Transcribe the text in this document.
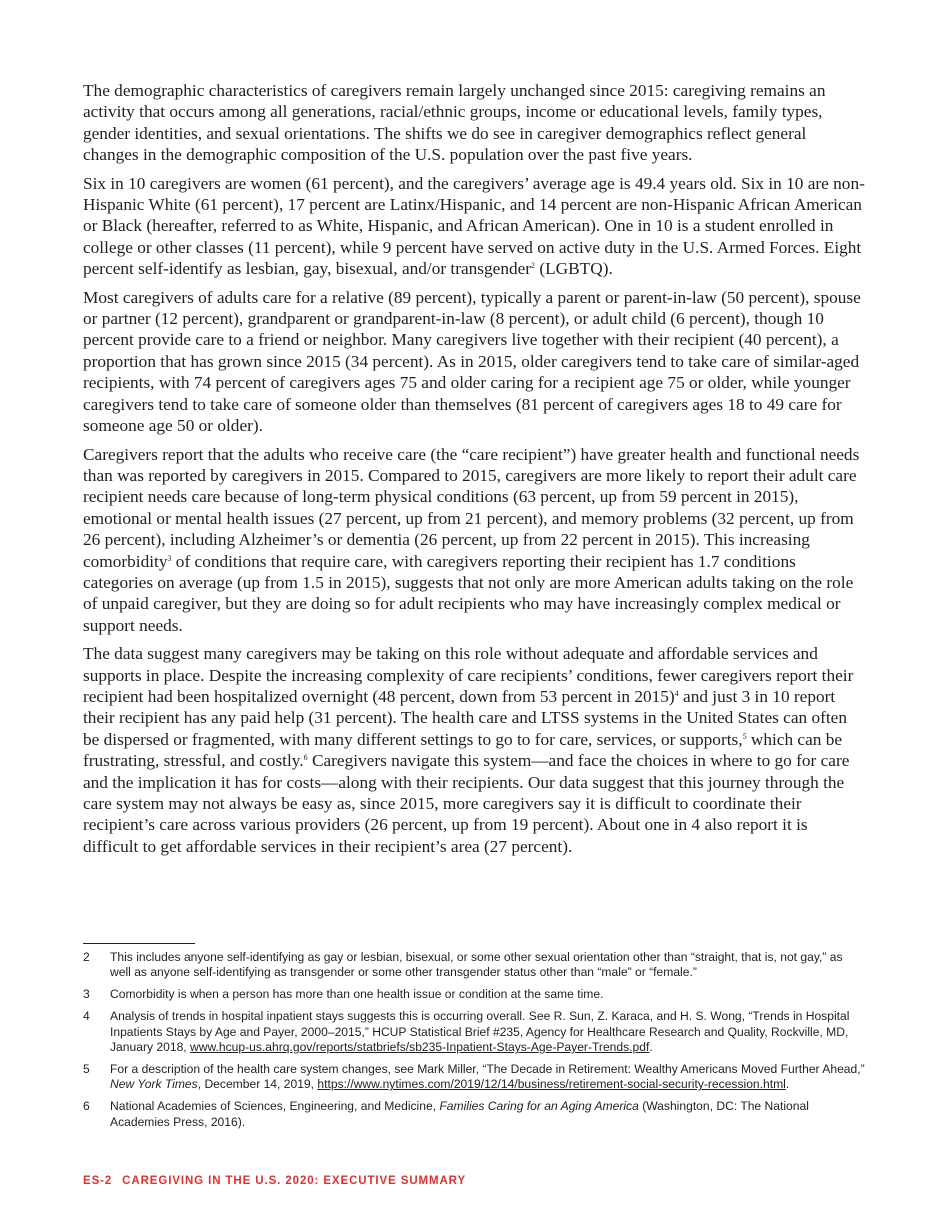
The demographic characteristics of caregivers remain largely unchanged since 2015: caregiving remains an activity that occurs among all generations, racial/ethnic groups, income or educational levels, family types, gender identities, and sexual orientations. The shifts we do see in caregiver demographics reflect general changes in the demographic composition of the U.S. population over the past five years.

Six in 10 caregivers are women (61 percent), and the caregivers’ average age is 49.4 years old. Six in 10 are non-Hispanic White (61 percent), 17 percent are Latinx/Hispanic, and 14 percent are non-Hispanic African American or Black (hereafter, referred to as White, Hispanic, and African American). One in 10 is a student enrolled in college or other classes (11 percent), while 9 percent have served on active duty in the U.S. Armed Forces. Eight percent self-identify as lesbian, gay, bisexual, and/or transgender$^2$ (LGBTQ).

Most caregivers of adults care for a relative (89 percent), typically a parent or parent-in-law (50 percent), spouse or partner (12 percent), grandparent or grandparent-in-law (8 percent), or adult child (6 percent), though 10 percent provide care to a friend or neighbor. Many caregivers live together with their recipient (40 percent), a proportion that has grown since 2015 (34 percent). As in 2015, older caregivers tend to take care of similar-aged recipients, with 74 percent of caregivers ages 75 and older caring for a recipient age 75 or older, while younger caregivers tend to take care of someone older than themselves (81 percent of caregivers ages 18 to 49 care for someone age 50 or older).

Caregivers report that the adults who receive care (the “care recipient”) have greater health and functional needs than was reported by caregivers in 2015. Compared to 2015, caregivers are more likely to report their adult care recipient needs care because of long-term physical conditions (63 percent, up from 59 percent in 2015), emotional or mental health issues (27 percent, up from 21 percent), and memory problems (32 percent, up from 26 percent), including Alzheimer’s or dementia (26 percent, up from 22 percent in 2015). This increasing comorbidity$^3$ of conditions that require care, with caregivers reporting their recipient has 1.7 conditions categories on average (up from 1.5 in 2015), suggests that not only are more American adults taking on the role of unpaid caregiver, but they are doing so for adult recipients who may have increasingly complex medical or support needs.

The data suggest many caregivers may be taking on this role without adequate and affordable services and supports in place. Despite the increasing complexity of care recipients’ conditions, fewer caregivers report their recipient had been hospitalized overnight (48 percent, down from 53 percent in 2015)$^4$ and just 3 in 10 report their recipient has any paid help (31 percent). The health care and LTSS systems in the United States can often be dispersed or fragmented, with many different settings to go to for care, services, or supports,$^5$ which can be frustrating, stressful, and costly.$^6$ Caregivers navigate this system—and face the choices in where to go for care and the implication it has for costs—along with their recipients. Our data suggest that this journey through the care system may not always be easy as, since 2015, more caregivers say it is difficult to coordinate their recipient’s care across various providers (26 percent, up from 19 percent). About one in 4 also report it is difficult to get affordable services in their recipient’s area (27 percent).

2	This includes anyone self-identifying as gay or lesbian, bisexual, or some other sexual orientation other than “straight, that is, not gay,” as well as anyone self-identifying as transgender or some other transgender status other than “male” or “female.”
3	Comorbidity is when a person has more than one health issue or condition at the same time.
4	Analysis of trends in hospital inpatient stays suggests this is occurring overall. See R. Sun, Z. Karaca, and H. S. Wong, “Trends in Hospital Inpatients Stays by Age and Payer, 2000–2015,” HCUP Statistical Brief #235, Agency for Healthcare Research and Quality, Rockville, MD, January 2018, www.hcup-us.ahrq.gov/reports/statbriefs/sb235-Inpatient-Stays-Age-Payer-Trends.pdf.
5	For a description of the health care system changes, see Mark Miller, “The Decade in Retirement: Wealthy Americans Moved Further Ahead,” New York Times, December 14, 2019, https://www.nytimes.com/2019/12/14/business/retirement-social-security-recession.html.
6	National Academies of Sciences, Engineering, and Medicine, Families Caring for an Aging America (Washington, DC: The National Academies Press, 2016).
ES-2 CAREGIVING IN THE U.S. 2020: EXECUTIVE SUMMARY
